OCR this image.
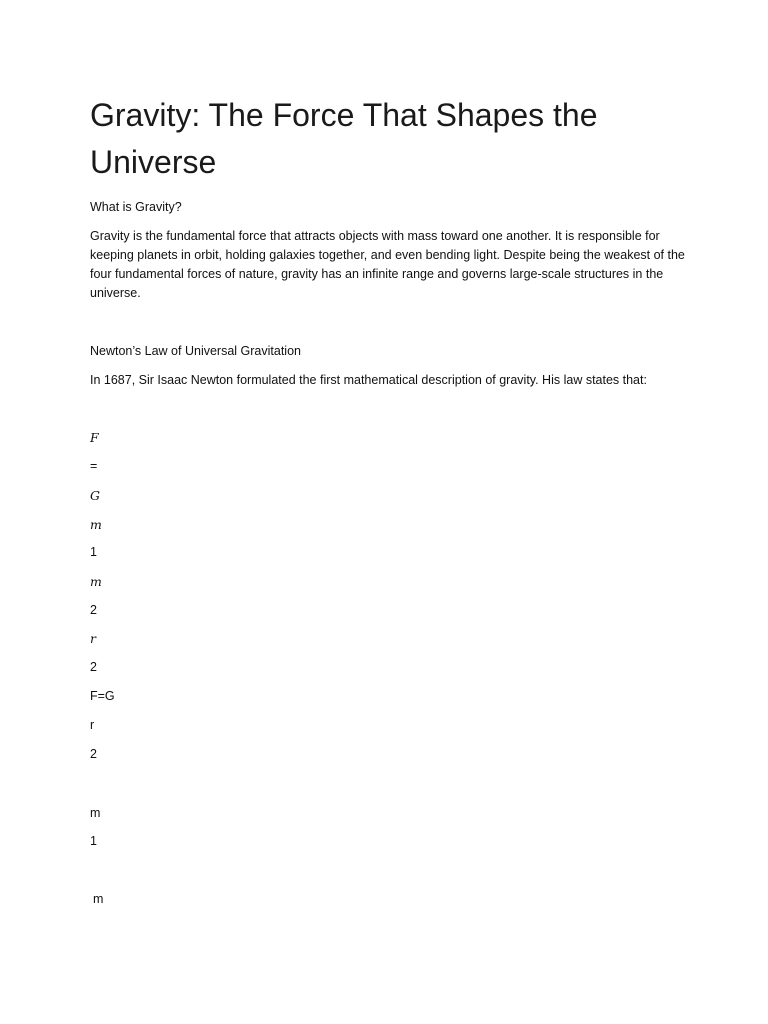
Gravity: The Force That Shapes the Universe

What is Gravity?

Gravity is the fundamental force that attracts objects with mass toward one another. It is responsible for keeping planets in orbit, holding galaxies together, and even bending light. Despite being the weakest of the four fundamental forces of nature, gravity has an infinite range and governs large-scale structures in the universe.

Newton’s Law of Universal Gravitation

In 1687, Sir Isaac Newton formulated the first mathematical description of gravity. His law states that:

F

=

G

m

1

m

2

r

2

F=G

r

2

m

1

m
